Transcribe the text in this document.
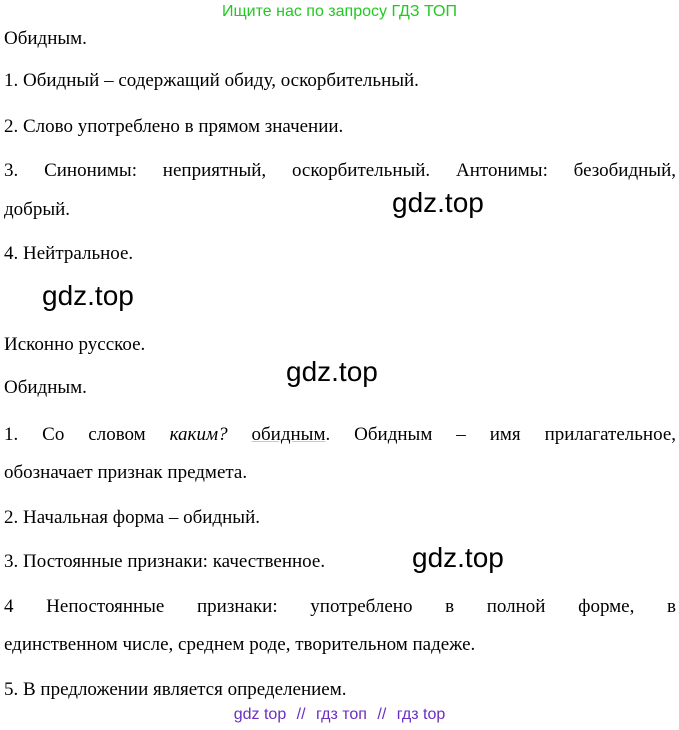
Ищите нас по запросу ГДЗ ТОП
Обидным.
1. Обидный – содержащий обиду, оскорбительный.
2. Слово употреблено в прямом значении.
3. Синонимы: неприятный, оскорбительный. Антонимы: безобидный,
добрый.
4. Нейтральное.
Исконно русское.
Обидным.
1. Со словом каким? обидным. Обидным – имя прилагательное,
обозначает признак предмета.
2. Начальная форма – обидный.
3. Постоянные признаки: качественное.
4 Непостоянные признаки: употреблено в полной форме, в
единственном числе, среднем роде, творительном падеже.
5. В предложении является определением.
gdz.top
gdz.top
gdz.top
gdz.top
gdz top // гдз топ // гдз top
